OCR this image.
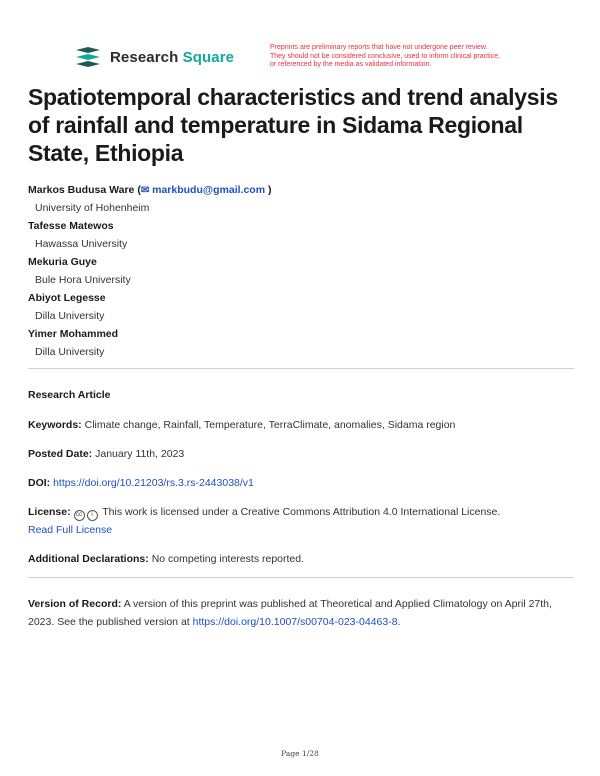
Research Square
Preprints are preliminary reports that have not undergone peer review.
They should not be considered conclusive, used to inform clinical practice,
or referenced by the media as validated information.
Spatiotemporal characteristics and trend analysis of rainfall and temperature in Sidama Regional State, Ethiopia
Markos Budusa Ware (✉ markbudu@gmail.com )
University of Hohenheim
Tafesse Matewos
Hawassa University
Mekuria Guye
Bule Hora University
Abiyot Legesse
Dilla University
Yimer Mohammed
Dilla University
Research Article
Keywords: Climate change, Rainfall, Temperature, TerraClimate, anomalies, Sidama region
Posted Date: January 11th, 2023
DOI: https://doi.org/10.21203/rs.3.rs-2443038/v1
License: cc i This work is licensed under a Creative Commons Attribution 4.0 International License.
Read Full License
Additional Declarations: No competing interests reported.
Version of Record: A version of this preprint was published at Theoretical and Applied Climatology on April 27th, 2023. See the published version at https://doi.org/10.1007/s00704-023-04463-8.
Page 1/28
